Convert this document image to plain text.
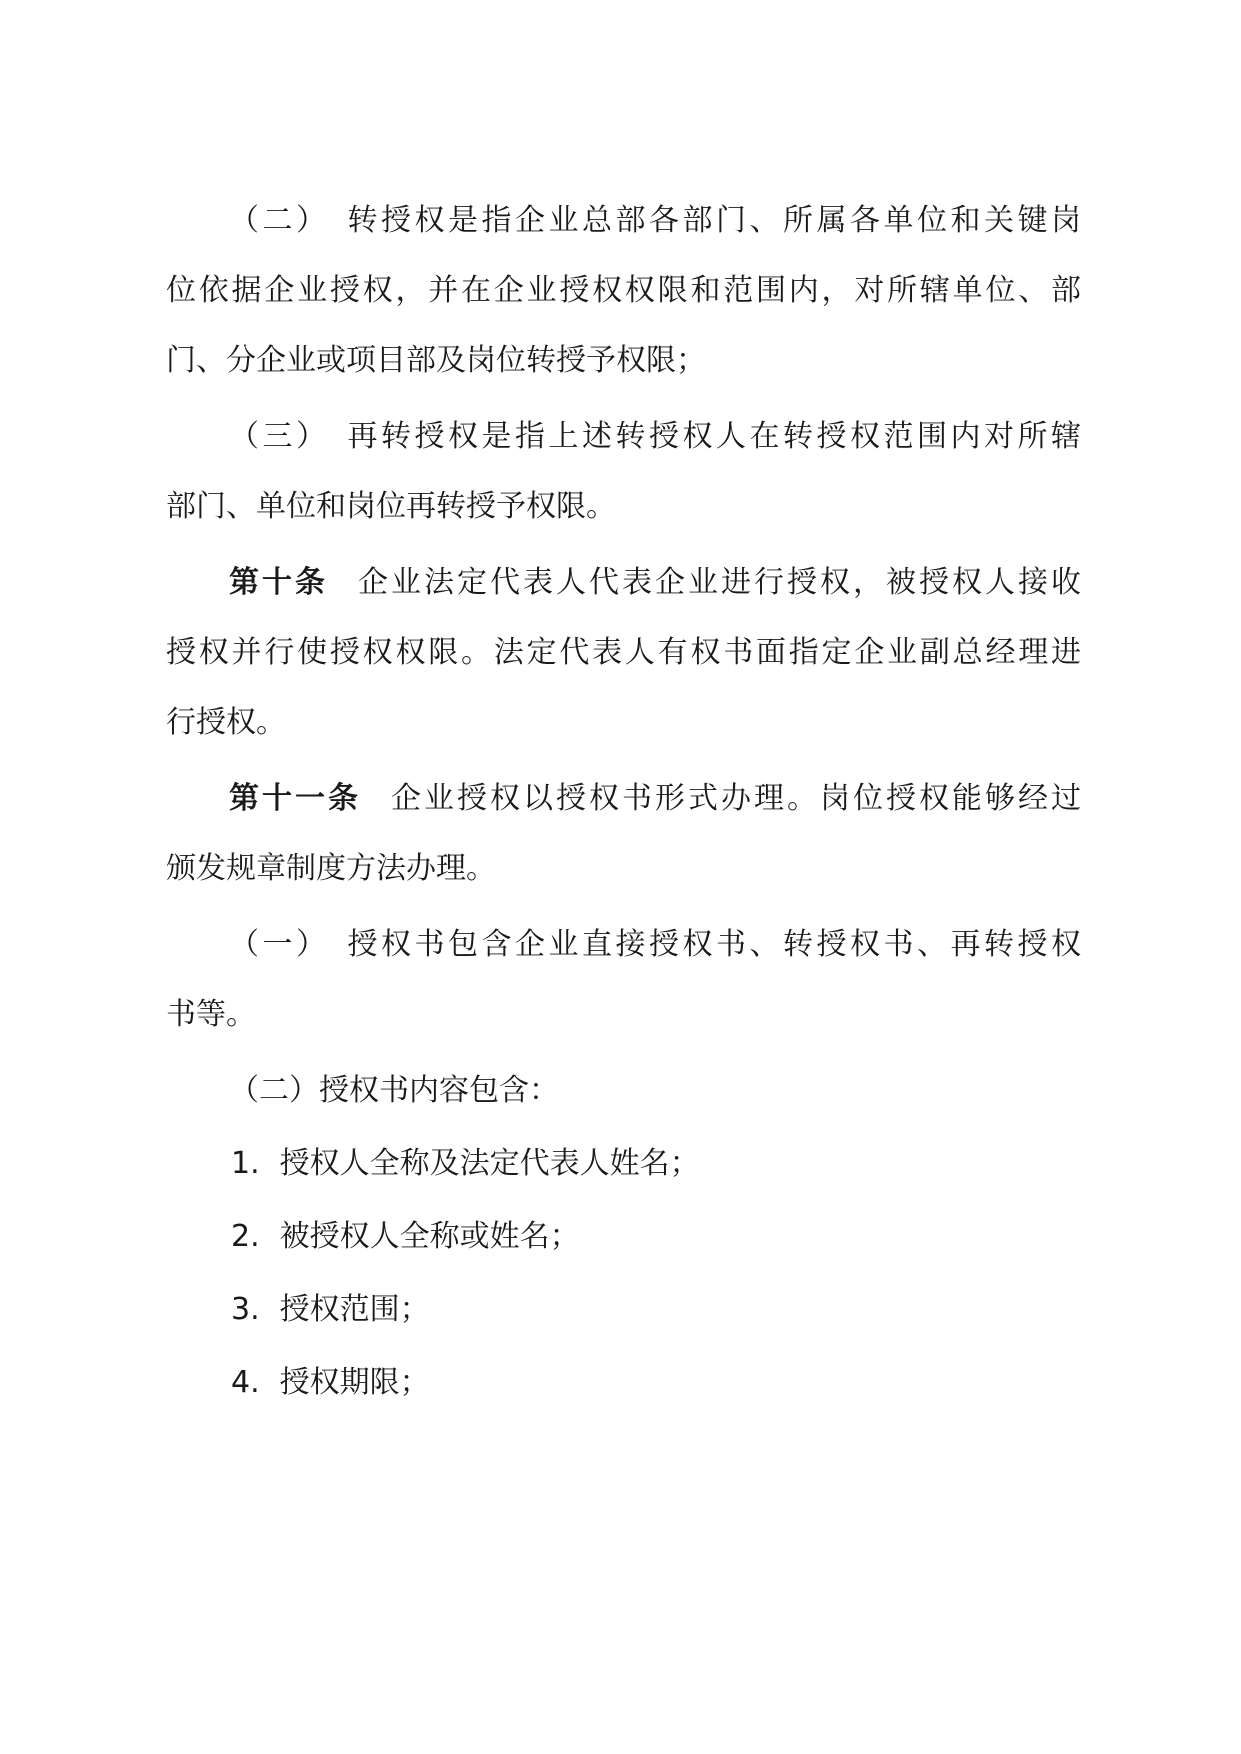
（二） 转授权是指企业总部各部门、所属各单位和关键岗
位依据企业授权，并在企业授权权限和范围内，对所辖单位、部
门、分企业或项目部及岗位转授予权限；
（三） 再转授权是指上述转授权人在转授权范围内对所辖
部门、单位和岗位再转授予权限。
第十条 企业法定代表人代表企业进行授权，被授权人接收
授权并行使授权权限。法定代表人有权书面指定企业副总经理进
行授权。
第十一条 企业授权以授权书形式办理。岗位授权能够经过
颁发规章制度方法办理。
（一） 授权书包含企业直接授权书、转授权书、再转授权
书等。
（二）授权书内容包含：
1. 授权人全称及法定代表人姓名；
2. 被授权人全称或姓名；
3. 授权范围；
4. 授权期限；
